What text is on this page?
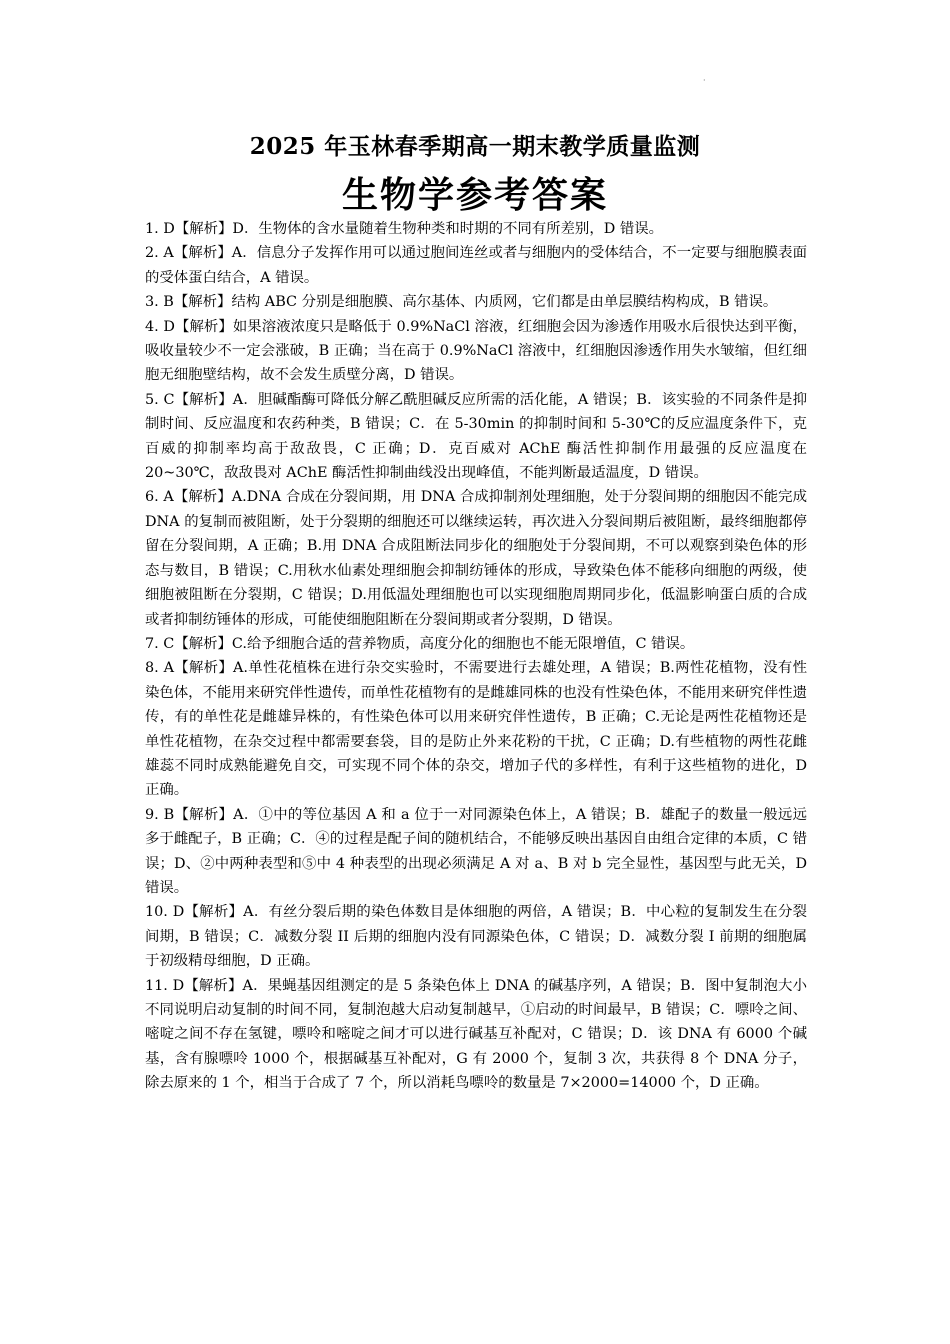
·
2025 年玉林春季期高一期末教学质量监测
生物学参考答案

1. D【解析】D．生物体的含水量随着生物种类和时期的不同有所差别，D 错误。

2. A【解析】A．信息分子发挥作用可以通过胞间连丝或者与细胞内的受体结合，不一定要与细胞膜表面的受体蛋白结合，A 错误。

3. B【解析】结构 ABC 分别是细胞膜、高尔基体、内质网，它们都是由单层膜结构构成，B 错误。

4. D【解析】如果溶液浓度只是略低于 0.9%NaCl 溶液，红细胞会因为渗透作用吸水后很快达到平衡，吸收量较少不一定会涨破，B 正确；当在高于 0.9%NaCl 溶液中，红细胞因渗透作用失水皱缩，但红细胞无细胞壁结构，故不会发生质壁分离，D 错误。

5. C【解析】A．胆碱酯酶可降低分解乙酰胆碱反应所需的活化能，A 错误；B．该实验的不同条件是抑制时间、反应温度和农药种类，B 错误；C．在 5-30min 的抑制时间和 5-30℃的反应温度条件下，克百威的抑制率均高于敌敌畏，C 正确；D．克百威对 AChE 酶活性抑制作用最强的反应温度在 20~30℃，敌敌畏对 AChE 酶活性抑制曲线没出现峰值，不能判断最适温度，D 错误。

6. A【解析】A.DNA 合成在分裂间期，用 DNA 合成抑制剂处理细胞，处于分裂间期的细胞因不能完成 DNA 的复制而被阻断，处于分裂期的细胞还可以继续运转，再次进入分裂间期后被阻断，最终细胞都停留在分裂间期，A 正确；B.用 DNA 合成阻断法同步化的细胞处于分裂间期，不可以观察到染色体的形态与数目，B 错误；C.用秋水仙素处理细胞会抑制纺锤体的形成，导致染色体不能移向细胞的两级，使细胞被阻断在分裂期，C 错误；D.用低温处理细胞也可以实现细胞周期同步化，低温影响蛋白质的合成或者抑制纺锤体的形成，可能使细胞阻断在分裂间期或者分裂期，D 错误。

7. C【解析】C.给予细胞合适的营养物质，高度分化的细胞也不能无限增值，C 错误。

8. A【解析】A.单性花植株在进行杂交实验时，不需要进行去雄处理，A 错误；B.两性花植物，没有性染色体，不能用来研究伴性遗传，而单性花植物有的是雌雄同株的也没有性染色体，不能用来研究伴性遗传，有的单性花是雌雄异株的，有性染色体可以用来研究伴性遗传，B 正确；C.无论是两性花植物还是单性花植物，在杂交过程中都需要套袋，目的是防止外来花粉的干扰，C 正确；D.有些植物的两性花雌雄蕊不同时成熟能避免自交，可实现不同个体的杂交，增加子代的多样性，有利于这些植物的进化，D 正确。

9. B【解析】A．①中的等位基因 A 和 a 位于一对同源染色体上，A 错误；B．雄配子的数量一般远远多于雌配子，B 正确；C．④的过程是配子间的随机结合，不能够反映出基因自由组合定律的本质，C 错误；D、②中两种表型和⑤中 4 种表型的出现必须满足 A 对 a、B 对 b 完全显性，基因型与此无关，D 错误。

10. D【解析】A．有丝分裂后期的染色体数目是体细胞的两倍，A 错误；B．中心粒的复制发生在分裂间期，B 错误；C．减数分裂 II 后期的细胞内没有同源染色体，C 错误；D．减数分裂 I 前期的细胞属于初级精母细胞，D 正确。

11. D【解析】A．果蝇基因组测定的是 5 条染色体上 DNA 的碱基序列，A 错误；B．图中复制泡大小不同说明启动复制的时间不同，复制泡越大启动复制越早，①启动的时间最早，B 错误；C．嘌呤之间、嘧啶之间不存在氢键，嘌呤和嘧啶之间才可以进行碱基互补配对，C 错误；D．该 DNA 有 6000 个碱基，含有腺嘌呤 1000 个，根据碱基互补配对，G 有 2000 个，复制 3 次，共获得 8 个 DNA 分子，除去原来的 1 个，相当于合成了 7 个，所以消耗鸟嘌呤的数量是 7×2000=14000 个，D 正确。
